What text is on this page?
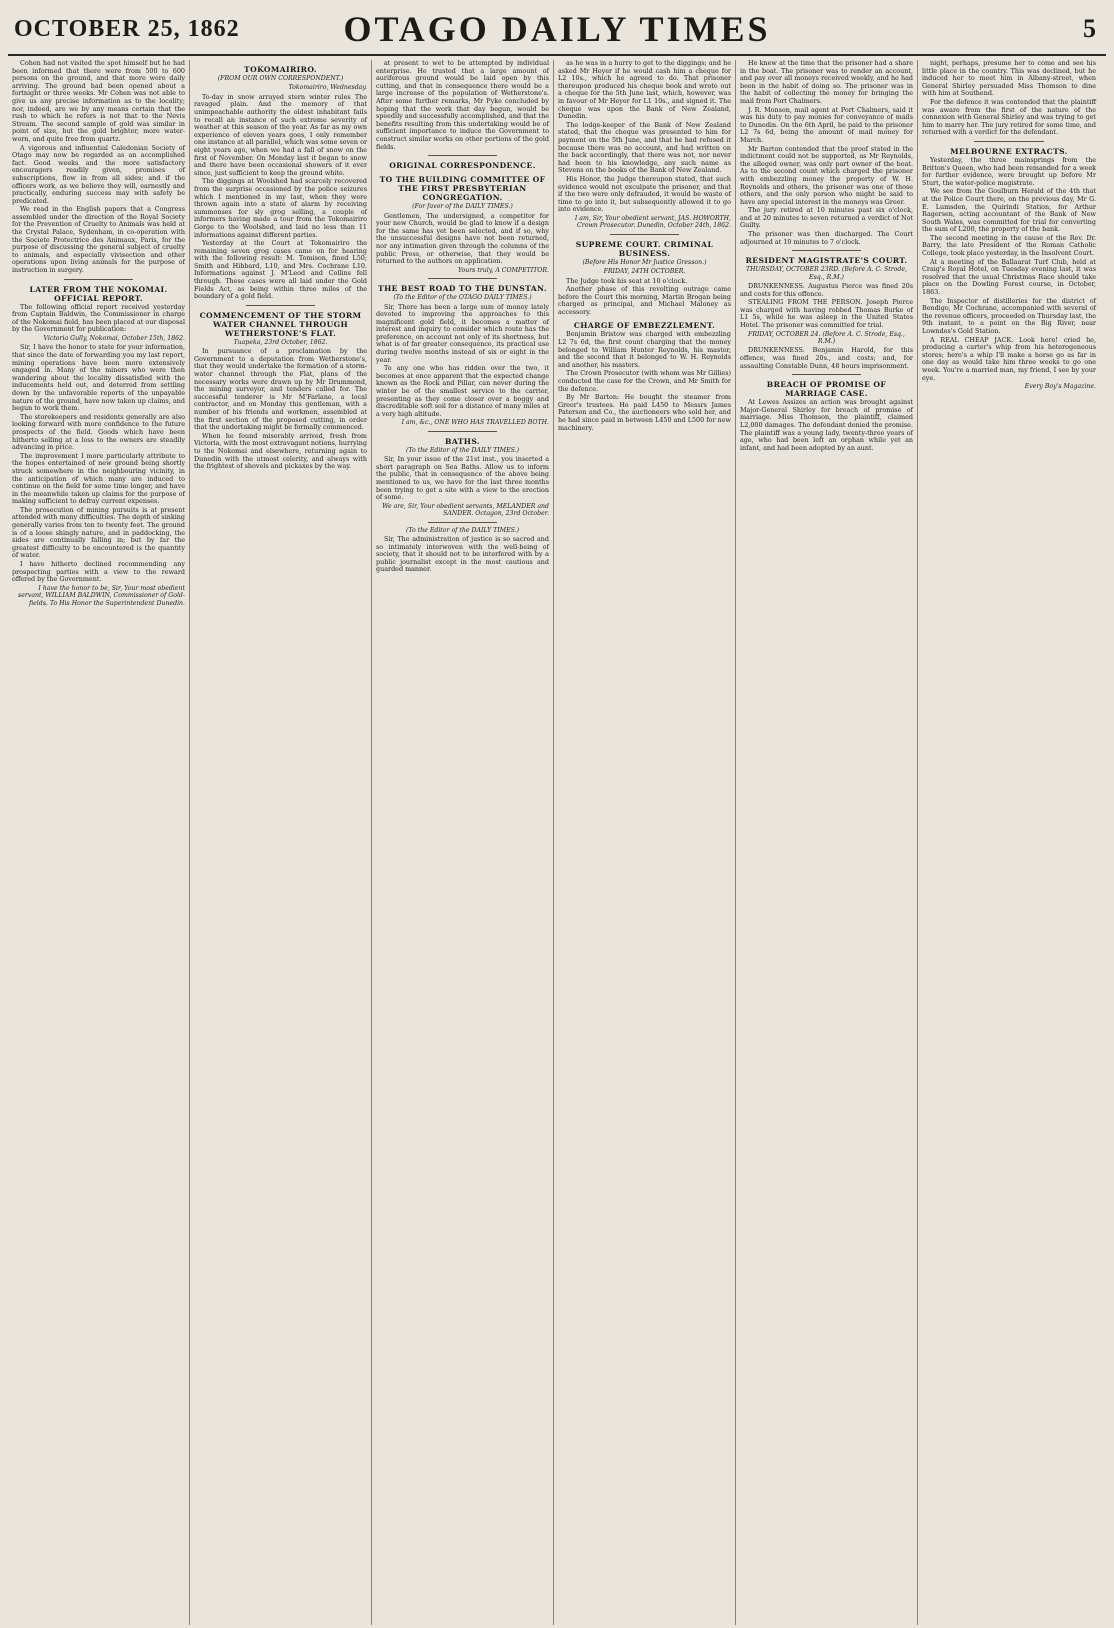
OCTOBER 25, 1862	OTAGO DAILY TIMES	5

Cohen had not visited the spot himself but he had been informed that there were from 500 to 600 persons on the ground, and that more were daily arriving. The ground had been opened about a fortnight or three weeks. Mr Cohen was not able to give us any precise information as to the locality; nor, indeed, are we by any means certain that the rush to which he refers is not that to the Nevis Stream. The second sample of gold was similar in point of size, but the gold brighter, more water-worn, and quite free from quartz.

A vigorous and influential Caledonian Society of Otago may now be regarded as an accomplished fact. Good weeks and the more satisfactory encouragers readily given, promises of subscriptions, flow in from all sides; and if the officers work, as we believe they will, earnestly and practically, enduring success may with safety be predicated.

We read in the English papers that a Congress assembled under the direction of the Royal Society for the Prevention of Cruelty to Animals was held at the Crystal Palace, Sydenham, in co-operation with the Societe Protectrice des Animaux, Paris, for the purpose of discussing the general subject of cruelty to animals, and especially vivisection and other operations upon living animals for the purpose of instruction in surgery.

LATER FROM THE NOKOMAI. OFFICIAL REPORT.

The following official report received yesterday from Captain Baldwin, the Commissioner in charge of the Nokomai field, has been placed at our disposal by the Government for publication:

Victoria Gully, Nokomai, October 15th, 1862.

Sir, I have the honor to state for your information, that since the date of forwarding you my last report, mining operations have been more extensively engaged in. Many of the miners who were then wandering about the locality dissatisfied with the inducements held out, and deterred from settling down by the unfavorable reports of the unpayable nature of the ground, have now taken up claims, and begun to work them.

The storekeepers and residents generally are also looking forward with more confidence to the future prospects of the field. Goods which have been hitherto selling at a loss to the owners are steadily advancing in price.

The improvement I more particularly attribute to the hopes entertained of new ground being shortly struck somewhere in the neighbouring vicinity, in the anticipation of which many are induced to continue on the field for some time longer, and have in the meanwhile taken up claims for the purpose of making sufficient to defray current expenses.

The prosecution of mining pursuits is at present attended with many difficulties. The depth of sinking generally varies from ten to twenty feet. The ground is of a loose shingly nature, and in paddocking, the sides are continually falling in; but by far the greatest difficulty to be encountered is the quantity of water.

I have hitherto declined recommending any prospecting parties with a view to the reward offered by the Government.

I have the honor to be, Sir, Your most obedient servant, WILLIAM BALDWIN, Commissioner of Gold-fields. To His Honor the Superintendent Dunedin.
TOKOMAIRIRO.
(FROM OUR OWN CORRESPONDENT.)
Tokomairiro, Wednesday.

To-day in snow arrayed stern winter rules The ravaged plain. And the memory of that unimpeachable authority the oldest inhabitant fails to recall an instance of such extreme severity of weather at this season of the year. As far as my own experience of eleven years goes, I only remember one instance at all parallel, which was some seven or eight years ago, when we had a fall of snow on the first of November. On Monday last it began to snow and there have been occasional showers of it ever since, just sufficient to keep the ground white.

The diggings at Woolshed had scarcely recovered from the surprise occasioned by the police seizures which I mentioned in my last, when they were thrown again into a state of alarm by receiving summonses for sly grog selling, a couple of informers having made a tour from the Tokomairiro Gorge to the Woolshed, and laid no less than 11 informations against different parties.

Yesterday at the Court at Tokomairiro the remaining seven grog cases came on for hearing with the following result: M. Tomison, fined L50; Smith and Hibbard, L10, and Mrs. Cochrane L10. Informations against J. M'Leod and Collins fell through. These cases were all laid under the Gold Fields Act, as being within three miles of the boundary of a gold field.

COMMENCEMENT OF THE STORM WATER CHANNEL THROUGH WETHERSTONE'S FLAT.
Tuapeka, 23rd October, 1862.

In pursuance of a proclamation by the Government to a deputation from Wetherstone's, that they would undertake the formation of a storm-water channel through the Flat, plans of the necessary works were drawn up by Mr Drummond, the mining surveyor, and tenders called for. The successful tenderer is Mr M'Farlane, a local contractor, and on Monday this gentleman, with a number of his friends and workmen, assembled at the first section of the proposed cutting, in order that the undertaking might be formally commenced.

When he found miserably arrived, fresh from Victoria, with the most extravagant notions, hurrying to the Nokomai and elsewhere, returning again to Dunedin with the utmost celerity, and always with the frightest of shovels and pickaxes by the way.

at present to wet to be attempted by individual enterprise. He trusted that a large amount of auriferous ground would be laid open by this cutting, and that in consequence there would be a large increase of the population of Wetherstone's. After some further remarks, Mr Pyke concluded by hoping that the work that day begun, would be speedily and successfully accomplished, and that the benefits resulting from this undertaking would be of sufficient importance to induce the Government to construct similar works on other portions of the gold fields.

ORIGINAL CORRESPONDENCE.
TO THE BUILDING COMMITTEE OF THE FIRST PRESBYTERIAN CONGREGATION.
(For favor of the DAILY TIMES.)

Gentlemen, The undersigned, a competitor for your new Church, would be glad to know if a design for the same has yet been selected, and if so, why the unsuccessful designs have not been returned, nor any intimation given through the columns of the public Press, or otherwise, that they would be returned to the authors on application.

Yours truly, A COMPETITOR.
THE BEST ROAD TO THE DUNSTAN.
(To the Editor of the OTAGO DAILY TIMES.)

Sir, There has been a large sum of money lately devoted to improving the approaches to this magnificent gold field, it becomes a matter of interest and inquiry to consider which route has the preference, on account not only of its shortness, but what is of far greater consequence, its practical use during twelve months instead of six or eight in the year.

To any one who has ridden over the two, it becomes at once apparent that the expected change known as the Rock and Pillar, can never during the winter be of the smallest service to the carrier, presenting as they come closer over a boggy and discreditable soft soil for a distance of many miles at a very high altitude.

I am, &c., ONE WHO HAS TRAVELLED BOTH.
BATHS.
(To the Editor of the DAILY TIMES.)

Sir, In your issue of the 21st inst., you inserted a short paragraph on Sea Baths. Allow us to inform the public, that in consequence of the above being mentioned to us, we have for the last three months been trying to get a site with a view to the erection of some.

We are, Sir, Your obedient servants, MELANDER and SANDER. Octagon, 23rd October.
(To the Editor of the DAILY TIMES.)

Sir, The administration of justice is so sacred and so intimately interwoven with the well-being of society, that it should not to be interfered with by a public journalist except in the most cautious and guarded manner.

as he was in a hurry to get to the diggings; and he asked Mr Heyer if he would cash him a cheque for L2 10s., which he agreed to do. That prisoner thereupon produced his cheque book and wrote out a cheque for the 5th June last, which, however, was in favour of Mr Heyer for L1 10s., and signed it. The cheque was upon the Bank of New Zealand, Dunedin.

The lodge-keeper of the Bank of New Zealand stated, that the cheque was presented to him for payment on the 5th June, and that he had refused it because there was no account, and had written on the back accordingly, that there was not, nor never had been to his knowledge, any such name as Stevens on the books of the Bank of New Zealand.

His Honor, the Judge thereupon stated, that such evidence would not exculpate the prisoner, and that if the two were only defrauded, it would be waste of time to go into it, but subsequently allowed it to go into evidence.

I am, Sir, Your obedient servant, JAS. HOWORTH, Crown Prosecutor. Dunedin, October 24th, 1862.
SUPREME COURT. CRIMINAL BUSINESS.
(Before His Honor Mr Justice Gresson.)
FRIDAY, 24TH OCTOBER.

The Judge took his seat at 10 o'clock.

Another phase of this revolting outrage came before the Court this morning, Martin Brogan being charged as principal, and Michael Maloney as accessory.

CHARGE OF EMBEZZLEMENT.

Benjamin Bristow was charged with embezzling L2 7s 6d, the first count charging that the money belonged to William Hunter Reynolds, his master, and the second that it belonged to W. H. Reynolds and another, his masters.

The Crown Prosecutor (with whom was Mr Gillies) conducted the case for the Crown, and Mr Smith for the defence.

By Mr Barton: He bought the steamer from Greer's trustees. He paid L450 to Messrs James Paterson and Co., the auctioneers who sold her, and he had since paid in between L450 and L500 for new machinery.

He knew at the time that the prisoner had a share in the boat. The prisoner was to render an account, and pay over all moneys received weekly, and he had been in the habit of doing so. The prisoner was in the habit of collecting the money for bringing the mail from Port Chalmers.

J. R. Monson, mail agent at Port Chalmers, said it was his duty to pay monies for conveyance of mails to Dunedin. On the 6th April, he paid to the prisoner L2 7s 6d, being the amount of mail money for March.

Mr Barton contended that the proof stated in the indictment could not be supported, as Mr Reynolds, the alleged owner, was only part owner of the boat. As to the second count which charged the prisoner with embezzling money the property of W. H. Reynolds and others, the prisoner was one of those others, and the only person who might be said to have any special interest in the moneys was Greer.

The jury retired at 10 minutes past six o'clock, and at 20 minutes to seven returned a verdict of Not Guilty.

The prisoner was then discharged. The Court adjourned at 10 minutes to 7 o'clock.

RESIDENT MAGISTRATE'S COURT.
THURSDAY, OCTOBER 23RD. (Before A. C. Strode, Esq., R.M.)

DRUNKENNESS. Augustus Pierce was fined 20s and costs for this offence.

STEALING FROM THE PERSON. Joseph Pierce was charged with having robbed Thomas Burke of L1 5s, while he was asleep in the United States Hotel. The prisoner was committed for trial.

FRIDAY, OCTOBER 24. (Before A. C. Strode, Esq., R.M.)

DRUNKENNESS. Benjamin Harold, for this offence, was fined 20s., and costs; and, for assaulting Constable Dunn, 48 hours imprisonment.

BREACH OF PROMISE OF MARRIAGE CASE.

At Lewes Assizes an action was brought against Major-General Shirley for breach of promise of marriage. Miss Thomson, the plaintiff, claimed L2,000 damages. The defendant denied the promise. The plaintiff was a young lady, twenty-three years of age, who had been left an orphan while yet an infant, and had been adopted by an aunt.

night, perhaps, presume her to come and see his little place in the country. This was declined, but he induced her to meet him in Albany-street, when General Shirley persuaded Miss Thomson to dine with him at Southend.

For the defence it was contended that the plaintiff was aware from the first of the nature of the connexion with General Shirley and was trying to get him to marry her. The jury retired for some time, and returned with a verdict for the defendant.

MELBOURNE EXTRACTS.

Yesterday, the three mainsprings from the Britton's Queen, who had been remanded for a week for further evidence, were brought up before Mr Sturt, the water-police magistrate.

We see from the Goulburn Herald of the 4th that at the Police Court there, on the previous day, Mr G. E. Lumsden, the Quirindi Station, for Arthur Ragersen, acting accountant of the Bank of New South Wales, was committed for trial for converting the sum of L200, the property of the bank.

The second meeting in the cause of the Rev. Dr. Barry, the late President of the Roman Catholic College, took place yesterday, in the Insolvent Court.

At a meeting of the Ballaarat Turf Club, held at Craig's Royal Hotel, on Tuesday evening last, it was resolved that the usual Christmas Race should take place on the Dowling Forest course, in October, 1863.

The Inspector of distilleries for the district of Bendigo, Mr Cochrane, accompanied with several of the revenue officers, proceeded on Thursday last, the 9th instant, to a point on the Big River, near Lowndes's Gold Station.

A REAL CHEAP JACK. Look here! cried he, producing a carter's whip from his heterogeneous stores; here's a whip I'll make a horse go as far in one day as would take him three weeks to go one week. You're a married man, my friend, I see by your eye.

Every Boy's Magazine.
